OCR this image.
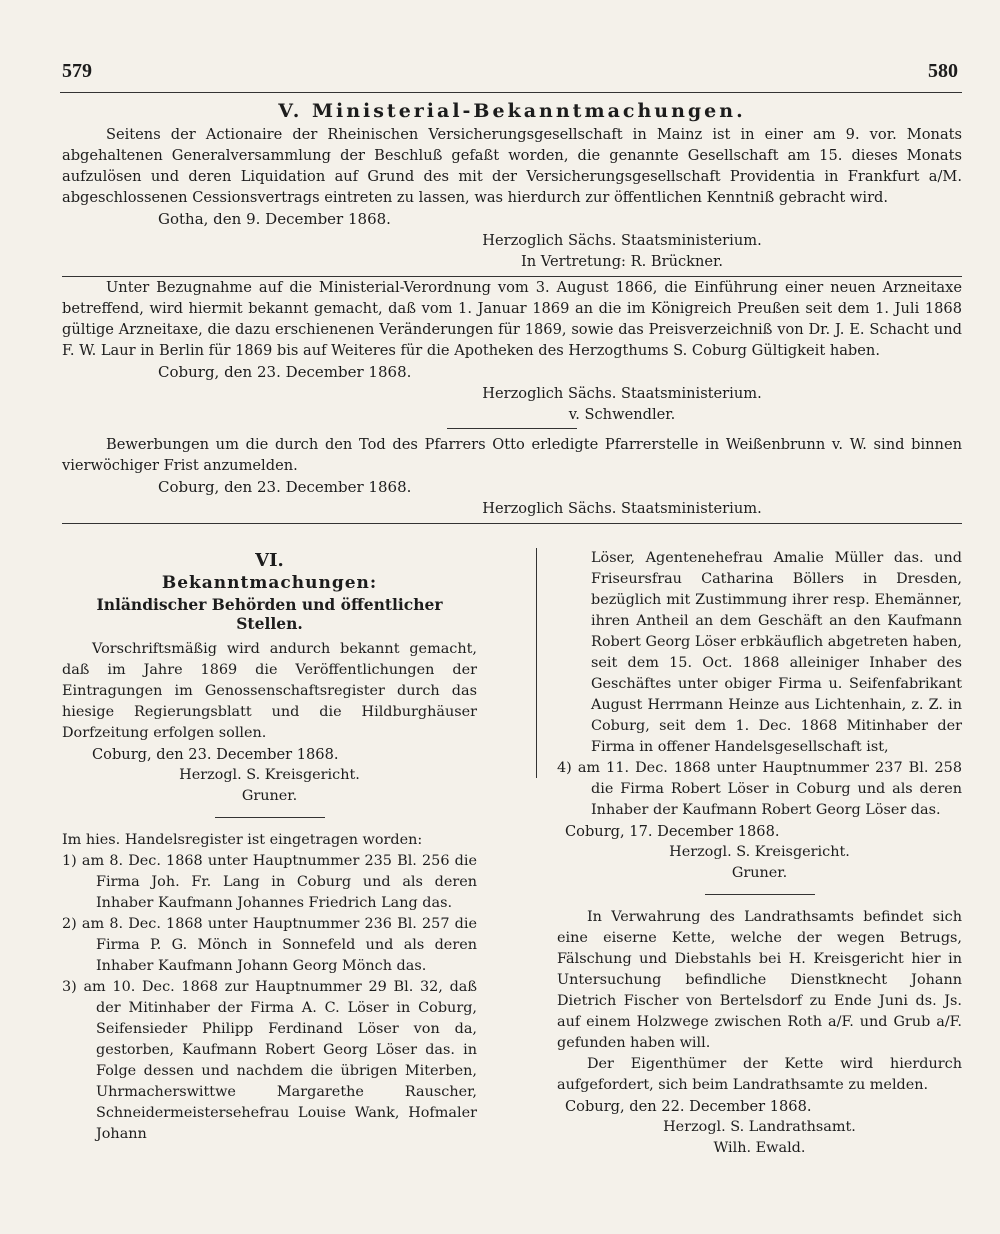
579	580

V. Ministerial-Bekanntmachungen.

Seitens der Actionaire der Rheinischen Versicherungsgesellschaft in Mainz ist in einer am 9. vor. Monats abgehaltenen Generalversammlung der Beschluß gefaßt worden, die genannte Gesellschaft am 15. dieses Monats aufzulösen und deren Liquidation auf Grund des mit der Versicherungsgesellschaft Providentia in Frankfurt a/M. abgeschlossenen Cessionsvertrags eintreten zu lassen, was hierdurch zur öffentlichen Kenntniß gebracht wird.

Gotha, den 9. December 1868.

Herzoglich Sächs. Staatsministerium.

In Vertretung: R. Brückner.

Unter Bezugnahme auf die Ministerial-Verordnung vom 3. August 1866, die Einführung einer neuen Arzneitaxe betreffend, wird hiermit bekannt gemacht, daß vom 1. Januar 1869 an die im Königreich Preußen seit dem 1. Juli 1868 gültige Arzneitaxe, die dazu erschienenen Veränderungen für 1869, sowie das Preisverzeichniß von Dr. J. E. Schacht und F. W. Laur in Berlin für 1869 bis auf Weiteres für die Apotheken des Herzogthums S. Coburg Gültigkeit haben.

Coburg, den 23. December 1868.

Herzoglich Sächs. Staatsministerium.

v. Schwendler.

Bewerbungen um die durch den Tod des Pfarrers Otto erledigte Pfarrerstelle in Weißenbrunn v. W. sind binnen vierwöchiger Frist anzumelden.

Coburg, den 23. December 1868.

Herzoglich Sächs. Staatsministerium.

VI.

Bekanntmachungen:

Inländischer Behörden und öffentlicher Stellen.

Vorschriftsmäßig wird andurch bekannt gemacht, daß im Jahre 1869 die Veröffentlichungen der Eintragungen im Genossenschaftsregister durch das hiesige Regierungsblatt und die Hildburghäuser Dorfzeitung erfolgen sollen.

Coburg, den 23. December 1868.

Herzogl. S. Kreisgericht.

Gruner.

Im hies. Handelsregister ist eingetragen worden:

1) am 8. Dec. 1868 unter Hauptnummer 235 Bl. 256 die Firma Joh. Fr. Lang in Coburg und als deren Inhaber Kaufmann Johannes Friedrich Lang das.

2) am 8. Dec. 1868 unter Hauptnummer 236 Bl. 257 die Firma P. G. Mönch in Sonnefeld und als deren Inhaber Kaufmann Johann Georg Mönch das.

3) am 10. Dec. 1868 zur Hauptnummer 29 Bl. 32, daß der Mitinhaber der Firma A. C. Löser in Coburg, Seifensieder Philipp Ferdinand Löser von da, gestorben, Kaufmann Robert Georg Löser das. in Folge dessen und nachdem die übrigen Miterben, Uhrmacherswittwe Margarethe Rauscher, Schneidermeistersehefrau Louise Wank, Hofmaler Johann

Löser, Agentenehefrau Amalie Müller das. und Friseursfrau Catharina Böllers in Dresden, bezüglich mit Zustimmung ihrer resp. Ehemänner, ihren Antheil an dem Geschäft an den Kaufmann Robert Georg Löser erbkäuflich abgetreten haben, seit dem 15. Oct. 1868 alleiniger Inhaber des Geschäftes unter obiger Firma u. Seifenfabrikant August Herrmann Heinze aus Lichtenhain, z. Z. in Coburg, seit dem 1. Dec. 1868 Mitinhaber der Firma in offener Handelsgesellschaft ist,

4) am 11. Dec. 1868 unter Hauptnummer 237 Bl. 258 die Firma Robert Löser in Coburg und als deren Inhaber der Kaufmann Robert Georg Löser das.

Coburg, 17. December 1868.

Herzogl. S. Kreisgericht.

Gruner.

In Verwahrung des Landrathsamts befindet sich eine eiserne Kette, welche der wegen Betrugs, Fälschung und Diebstahls bei H. Kreisgericht hier in Untersuchung befindliche Dienstknecht Johann Dietrich Fischer von Bertelsdorf zu Ende Juni ds. Js. auf einem Holzwege zwischen Roth a/F. und Grub a/F. gefunden haben will.

Der Eigenthümer der Kette wird hierdurch aufgefordert, sich beim Landrathsamte zu melden.

Coburg, den 22. December 1868.

Herzogl. S. Landrathsamt.

Wilh. Ewald.
